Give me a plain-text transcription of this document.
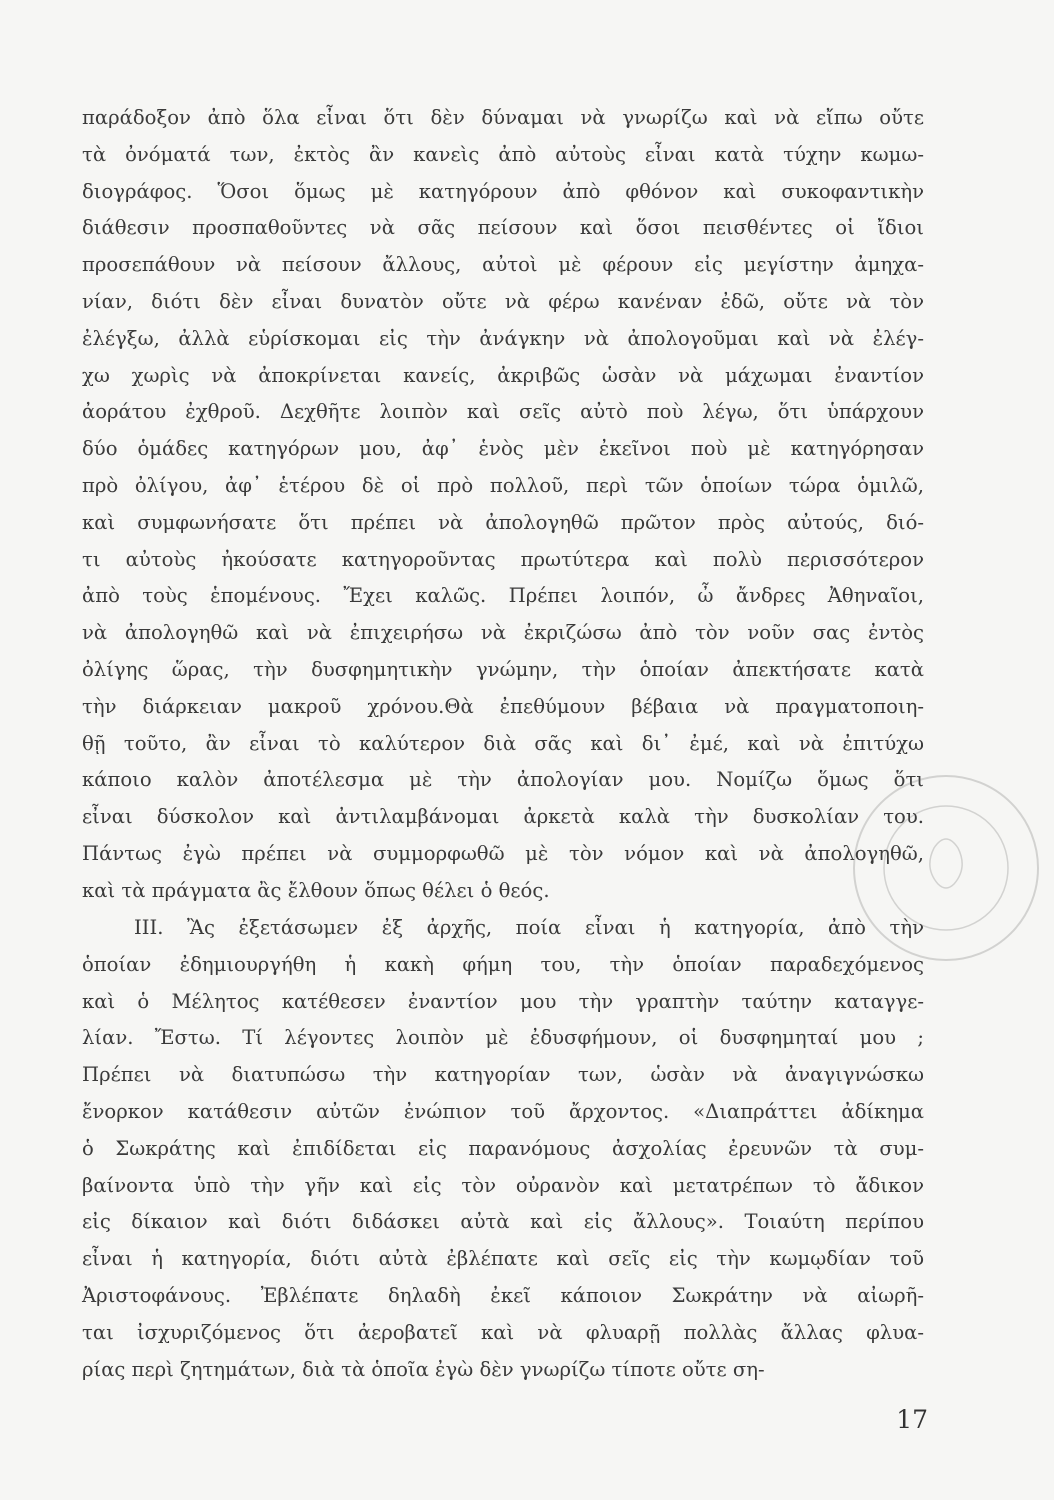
παράδοξον ἀπὸ ὅλα εἶναι ὅτι δὲν δύναμαι νὰ γνωρίζω καὶ νὰ εἴπω οὔτε
τὰ ὀνόματά των, ἐκτὸς ἂν κανεὶς ἀπὸ αὐτοὺς εἶναι κατὰ τύχην κωμω-
διογράφος. Ὅσοι ὅμως μὲ κατηγόρουν ἀπὸ φθόνον καὶ συκοφαντικὴν
διάθεσιν προσπαθοῦντες νὰ σᾶς πείσουν καὶ ὅσοι πεισθέντες οἱ ἴδιοι
προσεπάθουν νὰ πείσουν ἄλλους, αὐτοὶ μὲ φέρουν εἰς μεγίστην ἀμηχα-
νίαν, διότι δὲν εἶναι δυνατὸν οὔτε νὰ φέρω κανέναν ἐδῶ, οὔτε νὰ τὸν
ἐλέγξω, ἀλλὰ εὑρίσκομαι εἰς τὴν ἀνάγκην νὰ ἀπολογοῦμαι καὶ νὰ ἐλέγ-
χω χωρὶς νὰ ἀποκρίνεται κανείς, ἀκριβῶς ὡσὰν νὰ μάχωμαι ἐναντίον
ἀοράτου ἐχθροῦ. Δεχθῆτε λοιπὸν καὶ σεῖς αὐτὸ ποὺ λέγω, ὅτι ὑπάρχουν
δύο ὁμάδες κατηγόρων μου, ἀφ᾽ ἑνὸς μὲν ἐκεῖνοι ποὺ μὲ κατηγόρησαν
πρὸ ὀλίγου, ἀφ᾽ ἑτέρου δὲ οἱ πρὸ πολλοῦ, περὶ τῶν ὁποίων τώρα ὁμιλῶ,
καὶ συμφωνήσατε ὅτι πρέπει νὰ ἀπολογηθῶ πρῶτον πρὸς αὐτούς, διό-
τι αὐτοὺς ἠκούσατε κατηγοροῦντας πρωτύτερα καὶ πολὺ περισσότερον
ἀπὸ τοὺς ἑπομένους. Ἔχει καλῶς. Πρέπει λοιπόν, ὦ ἄνδρες Ἀθηναῖοι,
νὰ ἀπολογηθῶ καὶ νὰ ἐπιχειρήσω νὰ ἐκριζώσω ἀπὸ τὸν νοῦν σας ἐντὸς
ὀλίγης ὥρας, τὴν δυσφημητικὴν γνώμην, τὴν ὁποίαν ἀπεκτήσατε κατὰ
τὴν διάρκειαν μακροῦ χρόνου.Θὰ ἐπεθύμουν βέβαια νὰ πραγματοποιη-
θῇ τοῦτο, ἂν εἶναι τὸ καλύτερον διὰ σᾶς καὶ δι᾽ ἐμέ, καὶ νὰ ἐπιτύχω
κάποιο καλὸν ἀποτέλεσμα μὲ τὴν ἀπολογίαν μου. Νομίζω ὅμως ὅτι
εἶναι δύσκολον καὶ ἀντιλαμβάνομαι ἀρκετὰ καλὰ τὴν δυσκολίαν του.
Πάντως ἐγὼ πρέπει νὰ συμμορφωθῶ μὲ τὸν νόμον καὶ νὰ ἀπολογηθῶ,
καὶ τὰ πράγματα ἂς ἔλθουν ὅπως θέλει ὁ θεός.
III. Ἂς ἐξετάσωμεν ἐξ ἀρχῆς, ποία εἶναι ἡ κατηγορία, ἀπὸ τὴν
ὁποίαν ἐδημιουργήθη ἡ κακὴ φήμη του, τὴν ὁποίαν παραδεχόμενος
καὶ ὁ Μέλητος κατέθεσεν ἐναντίον μου τὴν γραπτὴν ταύτην καταγγε-
λίαν. Ἔστω. Τί λέγοντες λοιπὸν μὲ ἐδυσφήμουν, οἱ δυσφημηταί μου ;
Πρέπει νὰ διατυπώσω τὴν κατηγορίαν των, ὡσὰν νὰ ἀναγιγνώσκω
ἔνορκον κατάθεσιν αὐτῶν ἐνώπιον τοῦ ἄρχοντος. «Διαπράττει ἀδίκημα
ὁ Σωκράτης καὶ ἐπιδίδεται εἰς παρανόμους ἀσχολίας ἐρευνῶν τὰ συμ-
βαίνοντα ὑπὸ τὴν γῆν καὶ εἰς τὸν οὐρανὸν καὶ μετατρέπων τὸ ἄδικον
εἰς δίκαιον καὶ διότι διδάσκει αὐτὰ καὶ εἰς ἄλλους». Τοιαύτη περίπου
εἶναι ἡ κατηγορία, διότι αὐτὰ ἐβλέπατε καὶ σεῖς εἰς τὴν κωμῳδίαν τοῦ
Ἀριστοφάνους. Ἐβλέπατε δηλαδὴ ἐκεῖ κάποιον Σωκράτην νὰ αἰωρῆ-
ται ἰσχυριζόμενος ὅτι ἀεροβατεῖ καὶ νὰ φλυαρῇ πολλὰς ἄλλας φλυα-
ρίας περὶ ζητημάτων, διὰ τὰ ὁποῖα ἐγὼ δὲν γνωρίζω τίποτε οὔτε ση-
17
